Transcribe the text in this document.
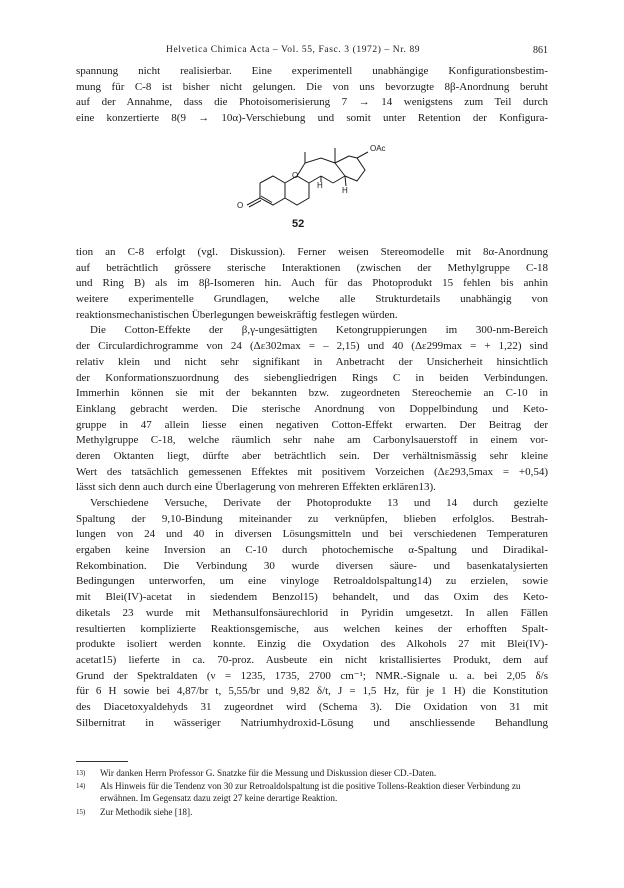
Helvetica Chimica Acta – Vol. 55, Fasc. 3 (1972) – Nr. 89	861
spannung nicht realisierbar. Eine experimentell unabhängige Konfigurationsbestim-
mung für C-8 ist bisher nicht gelungen. Die von uns bevorzugte 8β-Anordnung beruht
auf der Annahme, dass die Photoisomerisierung 7 → 14 wenigstens zum Teil durch
eine konzertierte 8(9 → 10α)-Verschiebung und somit unter Retention der Konfigura-
OAc
O
H
H
O
52
tion an C-8 erfolgt (vgl. Diskussion). Ferner weisen Stereomodelle mit 8α-Anordnung
auf beträchtlich grössere sterische Interaktionen (zwischen der Methylgruppe C-18
und Ring B) als im 8β-Isomeren hin. Auch für das Photoprodukt 15 fehlen bis anhin
weitere experimentelle Grundlagen, welche alle Strukturdetails unabhängig von
reaktionsmechanistischen Überlegungen beweiskräftig festlegen würden.
Die Cotton-Effekte der β,γ-ungesättigten Ketongruppierungen im 300-nm-Bereich
der Circulardichrogramme von 24 (Δε302max = – 2,15) und 40 (Δε299max = + 1,22) sind
relativ klein und nicht sehr signifikant in Anbetracht der Unsicherheit hinsichtlich
der Konformationszuordnung des siebengliedrigen Rings C in beiden Verbindungen.
Immerhin können sie mit der bekannten bzw. zugeordneten Stereochemie an C-10 in
Einklang gebracht werden. Die sterische Anordnung von Doppelbindung und Keto-
gruppe in 47 allein liesse einen negativen Cotton-Effekt erwarten. Der Beitrag der
Methylgruppe C-18, welche räumlich sehr nahe am Carbonylsauerstoff in einem vor-
deren Oktanten liegt, dürfte aber beträchtlich sein. Der verhältnismässig sehr kleine
Wert des tatsächlich gemessenen Effektes mit positivem Vorzeichen (Δε293,5max = +0,54)
lässt sich denn auch durch eine Überlagerung von mehreren Effekten erklären13).
Verschiedene Versuche, Derivate der Photoprodukte 13 und 14 durch gezielte
Spaltung der 9,10-Bindung miteinander zu verknüpfen, blieben erfolglos. Bestrah-
lungen von 24 und 40 in diversen Lösungsmitteln und bei verschiedenen Temperaturen
ergaben keine Inversion an C-10 durch photochemische α-Spaltung und Diradikal-
Rekombination. Die Verbindung 30 wurde diversen säure- und basenkatalysierten
Bedingungen unterworfen, um eine vinyloge Retroaldolspaltung14) zu erzielen, sowie
mit Blei(IV)-acetat in siedendem Benzol15) behandelt, und das Oxim des Keto-
diketals 23 wurde mit Methansulfonsäurechlorid in Pyridin umgesetzt. In allen Fällen
resultierten komplizierte Reaktionsgemische, aus welchen keines der erhofften Spalt-
produkte isoliert werden konnte. Einzig die Oxydation des Alkohols 27 mit Blei(IV)-
acetat15) lieferte in ca. 70-proz. Ausbeute ein nicht kristallisiertes Produkt, dem auf
Grund der Spektraldaten (ν = 1235, 1735, 2700 cm⁻¹; NMR.-Signale u. a. bei 2,05 δ/s
für 6 H sowie bei 4,87/br t, 5,55/br und 9,82 δ/t, J = 1,5 Hz, für je 1 H) die Konstitution
des Diacetoxyaldehyds 31 zugeordnet wird (Schema 3). Die Oxidation von 31 mit
Silbernitrat in wässeriger Natriumhydroxid-Lösung und anschliessende Behandlung
13) Wir danken Herrn Professor G. Snatzke für die Messung und Diskussion dieser CD.-Daten.
14) Als Hinweis für die Tendenz von 30 zur Retroaldolspaltung ist die positive Tollens-Reaktion dieser Verbindung zu erwähnen. Im Gegensatz dazu zeigt 27 keine derartige Reaktion.
15) Zur Methodik siehe [18].
